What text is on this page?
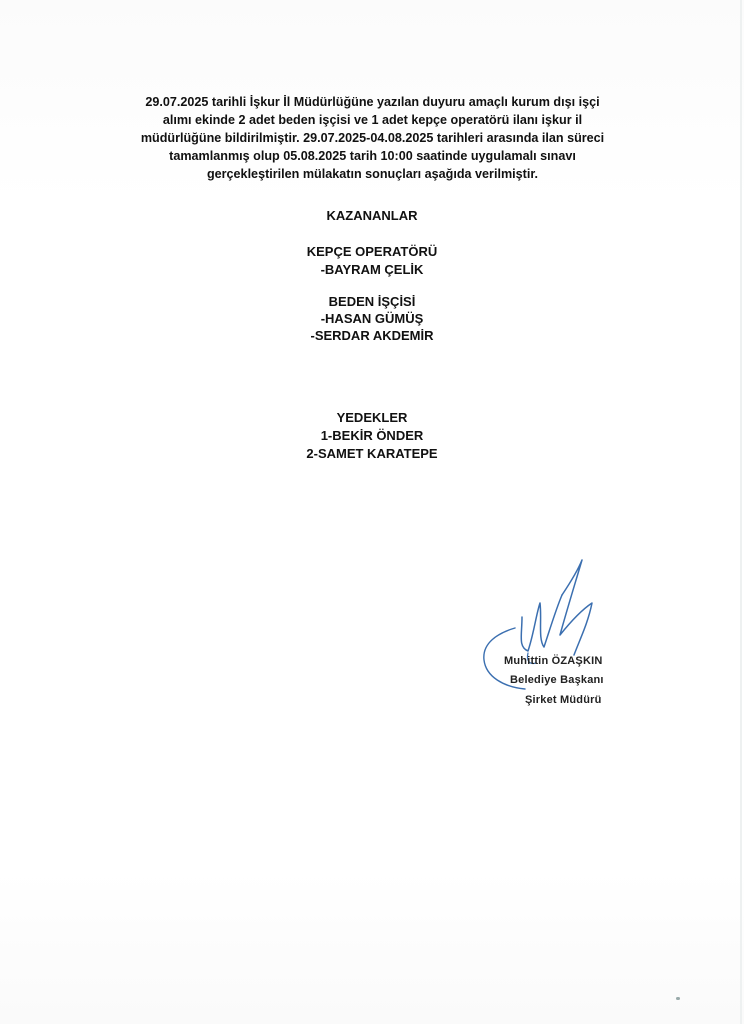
29.07.2025 tarihli İşkur İl Müdürlüğüne yazılan duyuru amaçlı kurum dışı işçi
alımı ekinde 2 adet beden işçisi ve 1 adet kepçe operatörü ilanı işkur il
müdürlüğüne bildirilmiştir. 29.07.2025-04.08.2025 tarihleri arasında ilan süreci
tamamlanmış olup 05.08.2025 tarih 10:00 saatinde uygulamalı sınavı
gerçekleştirilen mülakatın sonuçları aşağıda verilmiştir.
KAZANANLAR
KEPÇE OPERATÖRÜ
-BAYRAM ÇELİK
BEDEN İŞÇİSİ
-HASAN GÜMÜŞ
-SERDAR AKDEMİR
YEDEKLER
1-BEKİR ÖNDER
2-SAMET KARATEPE
Muhittin ÖZAŞKIN
Belediye Başkanı
Şirket Müdürü
